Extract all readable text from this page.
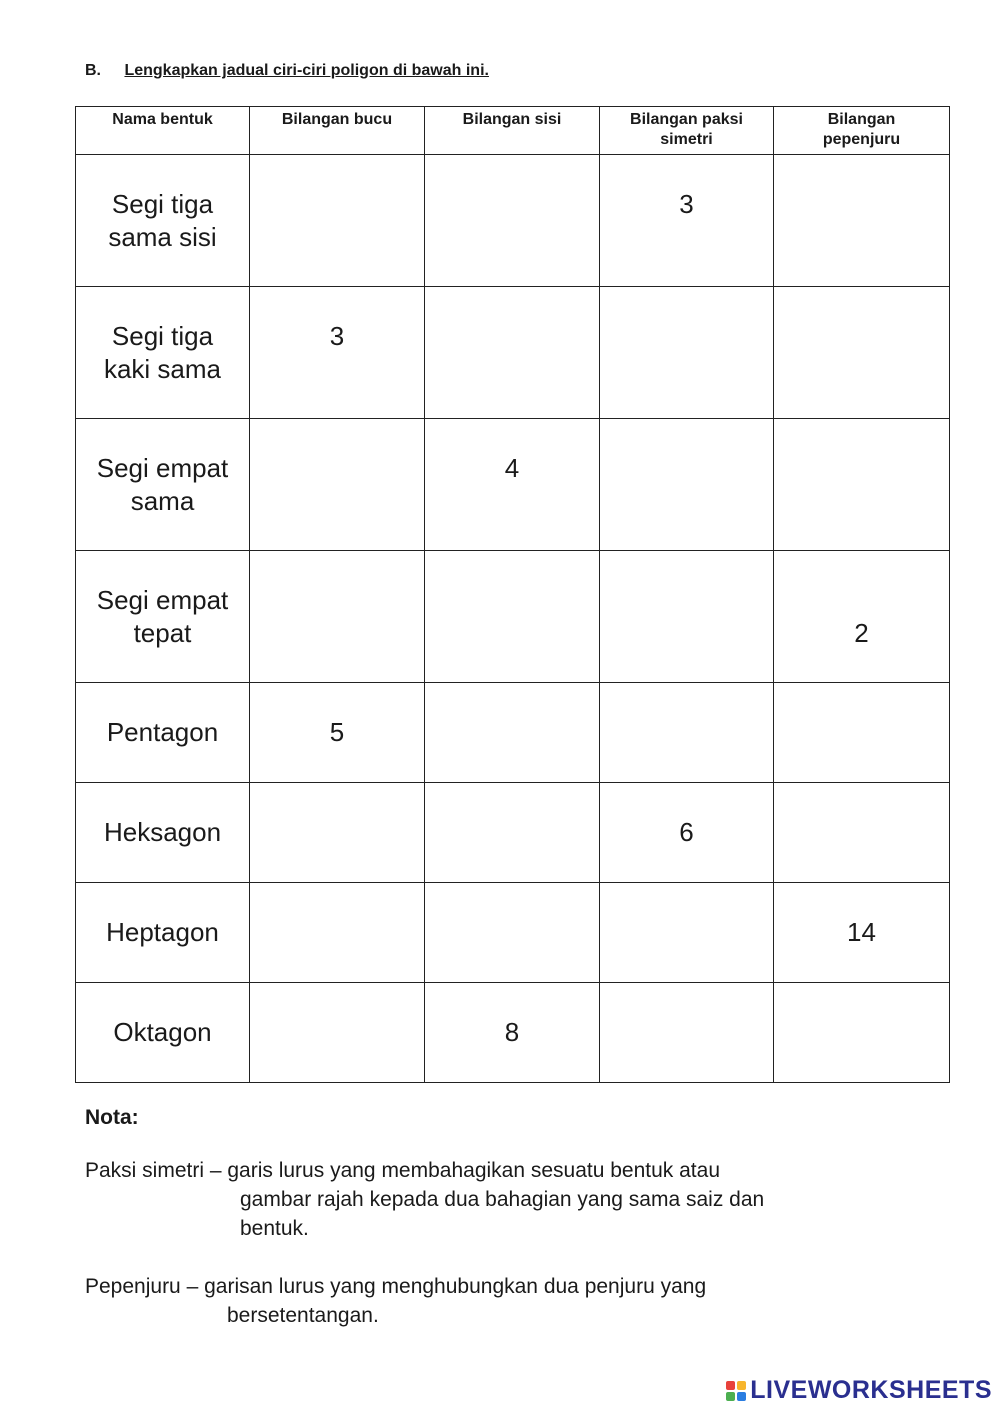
B. Lengkapkan jadual ciri-ciri poligon di bawah ini.
Nama bentuk	Bilangan bucu	Bilangan sisi	Bilangan paksi simetri	Bilangan pepenjuru
Segi tiga sama sisi			3	
Segi tiga kaki sama	3			
Segi empat sama		4		
Segi empat tepat				2
Pentagon	5			
Heksagon			6	
Heptagon				14
Oktagon		8		
Nota:
Paksi simetri – garis lurus yang membahagikan sesuatu bentuk atau
gambar rajah kepada dua bahagian yang sama saiz dan
bentuk.
Pepenjuru – garisan lurus yang menghubungkan dua penjuru yang
bersetentangan.
LIVEWORKSHEETS
